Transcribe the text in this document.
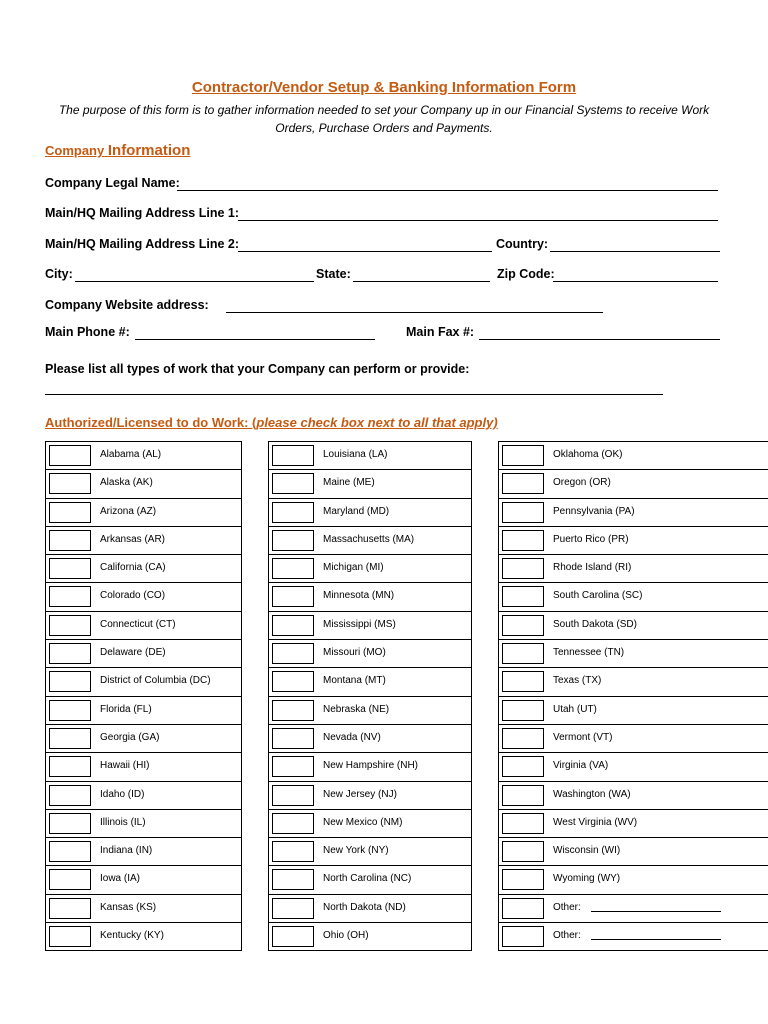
Contractor/Vendor Setup & Banking Information Form
The purpose of this form is to gather information needed to set your Company up in our Financial Systems to receive Work Orders, Purchase Orders and Payments.
Company Information
Company Legal Name:
Main/HQ Mailing Address Line 1:
Main/HQ Mailing Address Line 2:	Country:
City:	State:	Zip Code:
Company Website address:
Main Phone #:	Main Fax #:
Please list all types of work that your Company can perform or provide:
Authorized/Licensed to do Work: (please check box next to all that apply)
Alabama (AL)
Alaska (AK)
Arizona (AZ)
Arkansas (AR)
California (CA)
Colorado (CO)
Connecticut (CT)
Delaware (DE)
District of Columbia (DC)
Florida (FL)
Georgia (GA)
Hawaii (HI)
Idaho (ID)
Illinois (IL)
Indiana (IN)
Iowa (IA)
Kansas (KS)
Kentucky (KY)
Louisiana (LA)
Maine (ME)
Maryland (MD)
Massachusetts (MA)
Michigan (MI)
Minnesota (MN)
Mississippi (MS)
Missouri (MO)
Montana (MT)
Nebraska (NE)
Nevada (NV)
New Hampshire (NH)
New Jersey (NJ)
New Mexico (NM)
New York (NY)
North Carolina (NC)
North Dakota (ND)
Ohio (OH)
Oklahoma (OK)
Oregon (OR)
Pennsylvania (PA)
Puerto Rico (PR)
Rhode Island (RI)
South Carolina (SC)
South Dakota (SD)
Tennessee (TN)
Texas (TX)
Utah (UT)
Vermont (VT)
Virginia (VA)
Washington (WA)
West Virginia (WV)
Wisconsin (WI)
Wyoming (WY)
Other:
Other:
